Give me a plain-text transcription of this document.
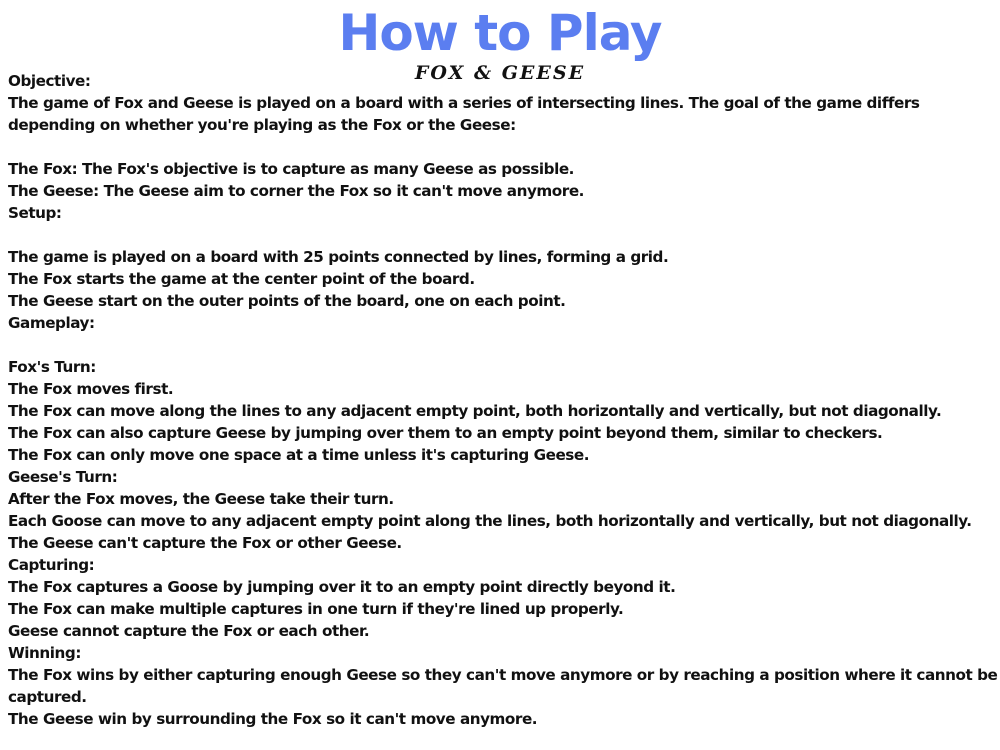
How to Play
FOX & GEESE

Objective:

The game of Fox and Geese is played on a board with a series of intersecting lines. The goal of the game differs depending on whether you're playing as the Fox or the Geese:

The Fox: The Fox's objective is to capture as many Geese as possible.

The Geese: The Geese aim to corner the Fox so it can't move anymore.

Setup:

The game is played on a board with 25 points connected by lines, forming a grid.

The Fox starts the game at the center point of the board.

The Geese start on the outer points of the board, one on each point.

Gameplay:

Fox's Turn:

The Fox moves first.

The Fox can move along the lines to any adjacent empty point, both horizontally and vertically, but not diagonally.

The Fox can also capture Geese by jumping over them to an empty point beyond them, similar to checkers.

The Fox can only move one space at a time unless it's capturing Geese.

Geese's Turn:

After the Fox moves, the Geese take their turn.

Each Goose can move to any adjacent empty point along the lines, both horizontally and vertically, but not diagonally.

The Geese can't capture the Fox or other Geese.

Capturing:

The Fox captures a Goose by jumping over it to an empty point directly beyond it.

The Fox can make multiple captures in one turn if they're lined up properly.

Geese cannot capture the Fox or each other.

Winning:

The Fox wins by either capturing enough Geese so they can't move anymore or by reaching a position where it cannot be captured.

The Geese win by surrounding the Fox so it can't move anymore.
